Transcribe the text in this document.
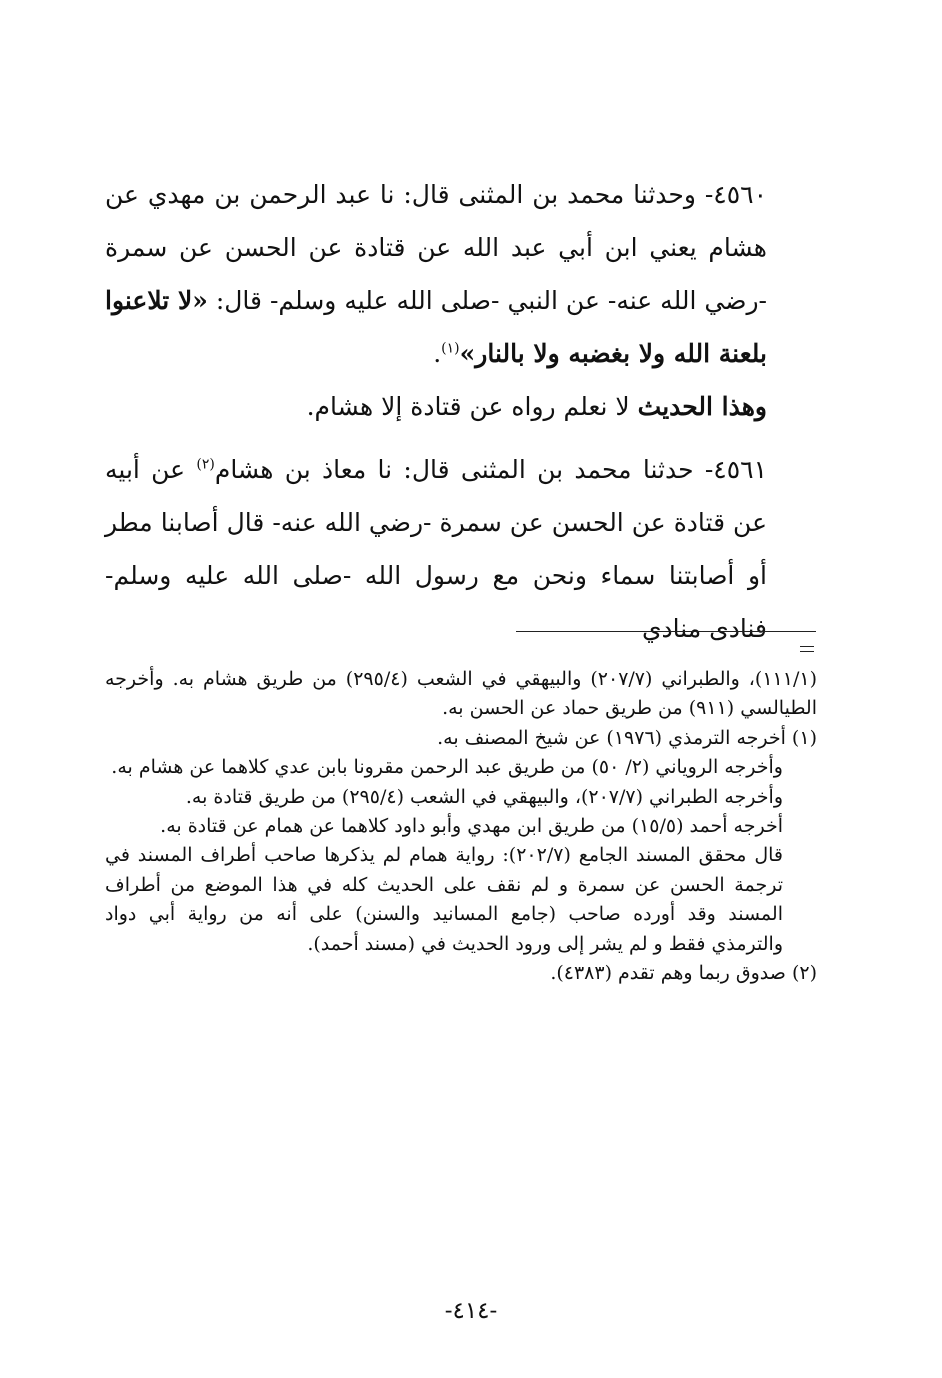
٤٥٦٠- وحدثنا محمد بن المثنى قال: نا عبد الرحمن بن مهدي عن هشام يعني ابن أبي عبد الله عن قتادة عن الحسن عن سمرة -رضي الله عنه- عن النبي -صلى الله عليه وسلم- قال: «لا تلاعنوا بلعنة الله ولا بغضبه ولا بالنار»$^{(١)}$.

وهذا الحديث لا نعلم رواه عن قتادة إلا هشام.

٤٥٦١- حدثنا محمد بن المثنى قال: نا معاذ بن هشام$^{(٢)}$ عن أبيه عن قتادة عن الحسن عن سمرة -رضي الله عنه- قال أصابنا مطر أو أصابتنا سماء ونحن مع رسول الله -صلى الله عليه وسلم- فنادى منادي

(١١١/١)، والطبراني (٢٠٧/٧) والبيهقي في الشعب (٢٩٥/٤) من طريق هشام به. وأخرجه الطيالسي (٩١١) من طريق حماد عن الحسن به.

(١) أخرجه الترمذي (١٩٧٦) عن شيخ المصنف به.

وأخرجه الروياني (٢/ ٥٠) من طريق عبد الرحمن مقرونا بابن عدي كلاهما عن هشام به.

وأخرجه الطبراني (٢٠٧/٧)، والبيهقي في الشعب (٢٩٥/٤) من طريق قتادة به.

أخرجه أحمد (١٥/٥) من طريق ابن مهدي وأبو داود كلاهما عن همام عن قتادة به.

قال محقق المسند الجامع (٢٠٢/٧): رواية همام لم يذكرها صاحب أطراف المسند في ترجمة الحسن عن سمرة و لم نقف على الحديث كله في هذا الموضع من أطراف المسند وقد أورده صاحب (جامع المسانيد والسنن) على أنه من رواية أبي دواد والترمذي فقط و لم يشر إلى ورود الحديث في (مسند أحمد).

(٢) صدوق ربما وهم تقدم (٤٣٨٣).

-٤١٤-
